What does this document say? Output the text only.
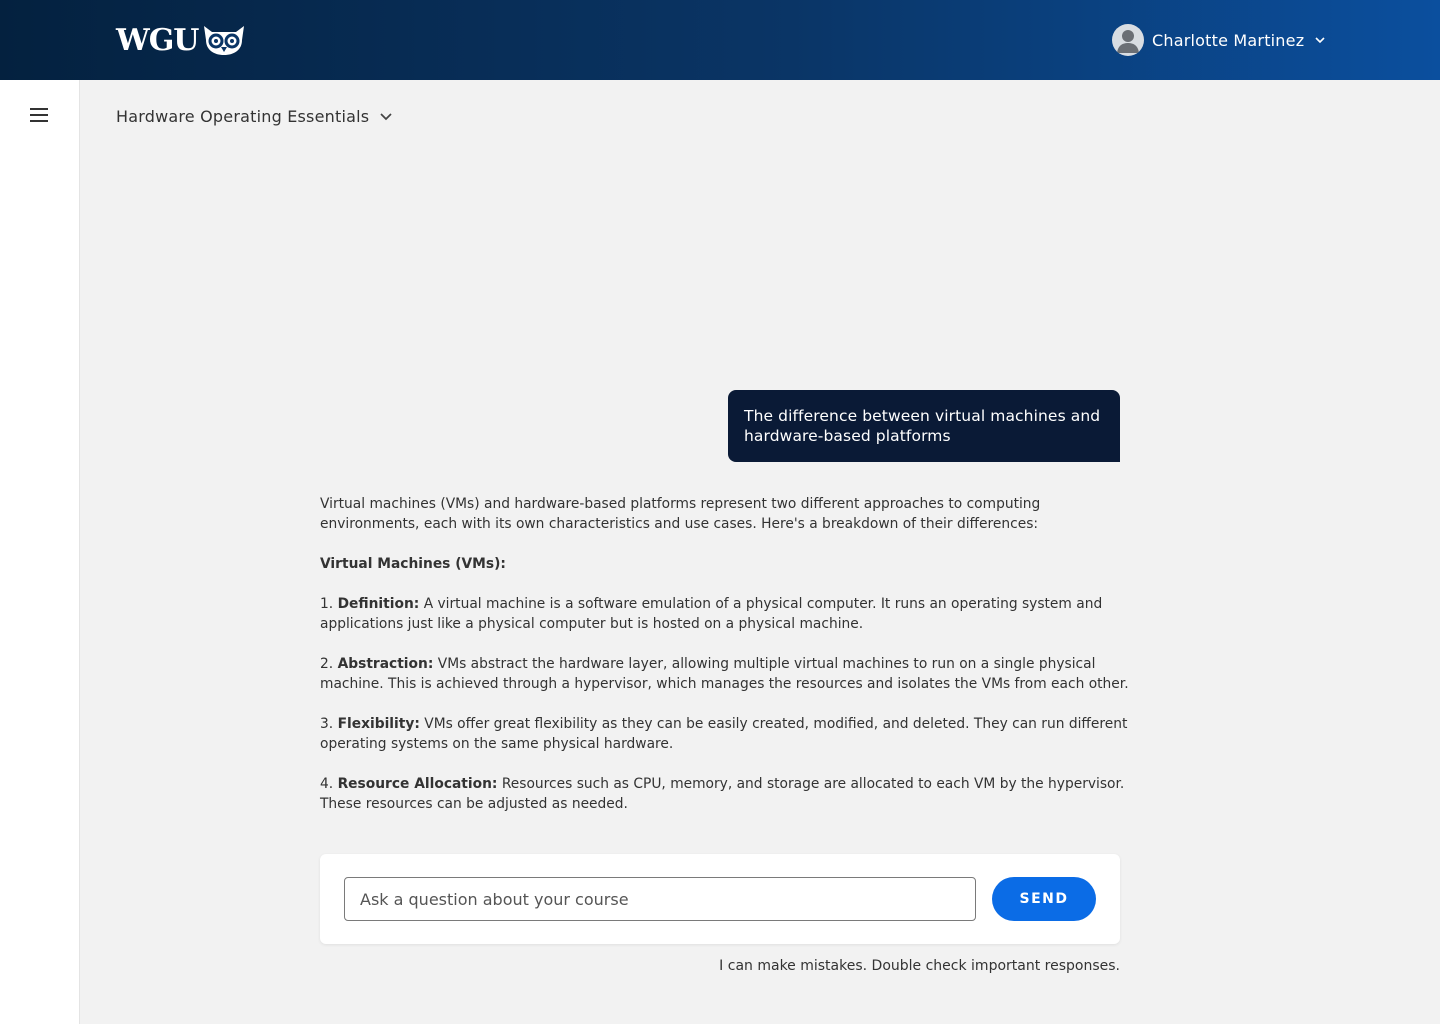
WGU	Charlotte Martinez
Hardware Operating Essentials
The difference between virtual machines and hardware-based platforms

Virtual machines (VMs) and hardware-based platforms represent two different approaches to computing environments, each with its own characteristics and use cases. Here's a breakdown of their differences:

Virtual Machines (VMs):

1. Definition: A virtual machine is a software emulation of a physical computer. It runs an operating system and applications just like a physical computer but is hosted on a physical machine.

2. Abstraction: VMs abstract the hardware layer, allowing multiple virtual machines to run on a single physical machine. This is achieved through a hypervisor, which manages the resources and isolates the VMs from each other.

3. Flexibility: VMs offer great flexibility as they can be easily created, modified, and deleted. They can run different operating systems on the same physical hardware.

4. Resource Allocation: Resources such as CPU, memory, and storage are allocated to each VM by the hypervisor. These resources can be adjusted as needed.

Ask a question about your course
SEND
I can make mistakes. Double check important responses.
